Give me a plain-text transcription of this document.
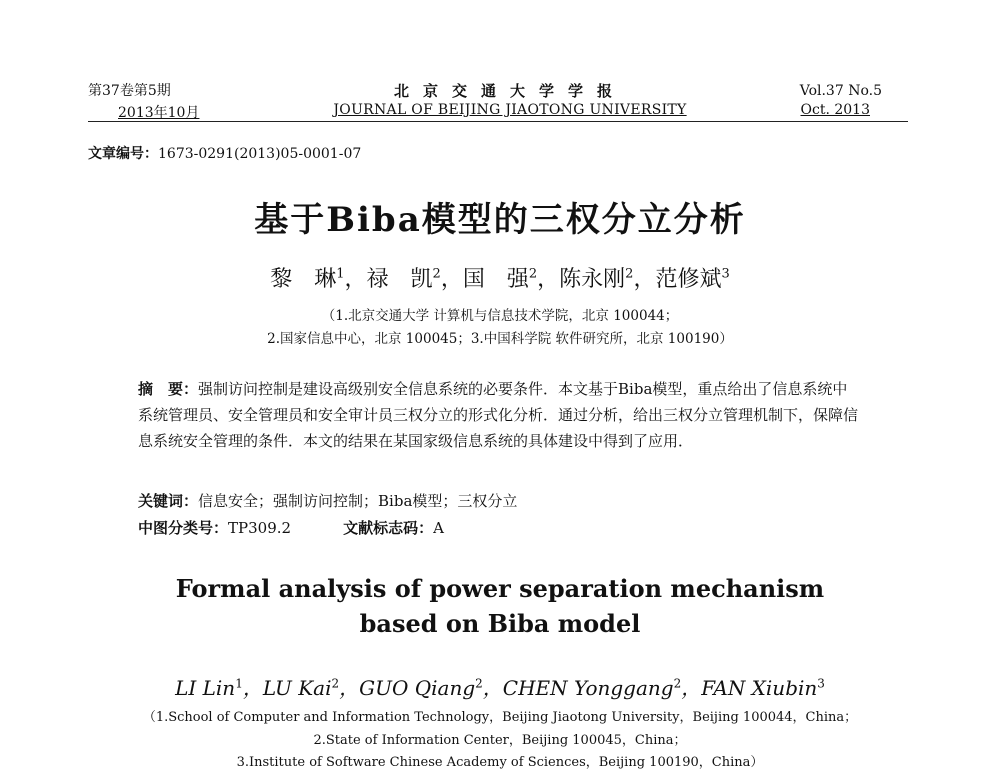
第37卷第5期	北京交通大学学报	Vol.37 No.5
2013年10月	JOURNAL OF BEIJING JIAOTONG UNIVERSITY	Oct. 2013
文章编号：1673-0291(2013)05-0001-07
基于Biba模型的三权分立分析
黎　琳$^1$，禄　凯$^2$，国　强$^2$，陈永刚$^2$，范修斌$^3$
（1.北京交通大学 计算机与信息技术学院，北京 100044；
2.国家信息中心，北京 100045；3.中国科学院 软件研究所，北京 100190）
摘　要：强制访问控制是建设高级别安全信息系统的必要条件．本文基于Biba模型，重点给出了信息系统中系统管理员、安全管理员和安全审计员三权分立的形式化分析．通过分析，给出三权分立管理机制下，保障信息系统安全管理的条件．本文的结果在某国家级信息系统的具体建设中得到了应用．
关键词：信息安全；强制访问控制；Biba模型；三权分立
中图分类号：TP309.2	文献标志码：A
Formal analysis of power separation mechanism
based on Biba model
LI Lin$^1$，LU Kai$^2$，GUO Qiang$^2$，CHEN Yonggang$^2$，FAN Xiubin$^3$
（1.School of Computer and Information Technology，Beijing Jiaotong University，Beijing 100044，China；
2.State of Information Center，Beijing 100045，China；
3.Institute of Software Chinese Academy of Sciences，Beijing 100190，China）
